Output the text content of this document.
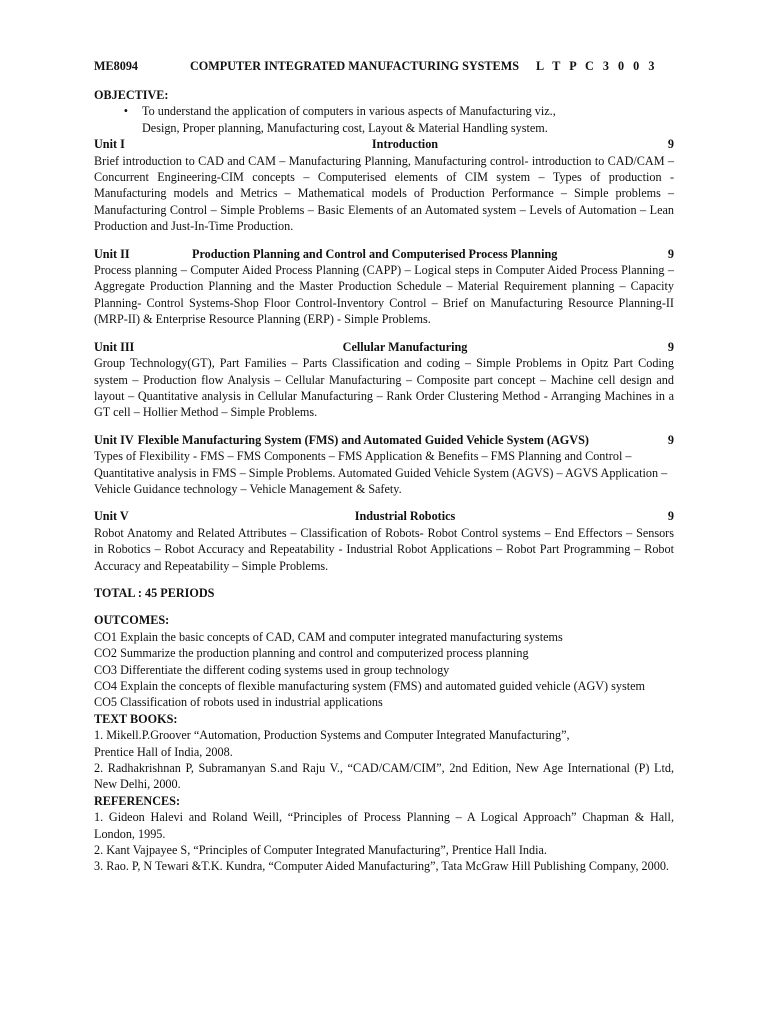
ME8094	COMPUTER INTEGRATED MANUFACTURING SYSTEMS	L T P C 3 0 0 3
OBJECTIVE:
•	To understand the application of computers in various aspects of Manufacturing viz.,
Design, Proper planning, Manufacturing cost, Layout & Material Handling system.
Unit I	Introduction	9
Brief introduction to CAD and CAM – Manufacturing Planning, Manufacturing control- introduction to CAD/CAM – Concurrent Engineering-CIM concepts – Computerised elements of CIM system – Types of production - Manufacturing models and Metrics – Mathematical models of Production Performance – Simple problems – Manufacturing Control – Simple Problems – Basic Elements of an Automated system – Levels of Automation – Lean Production and Just-In-Time Production.
Unit II	Production Planning and Control and Computerised Process Planning	9
Process planning – Computer Aided Process Planning (CAPP) – Logical steps in Computer Aided Process Planning – Aggregate Production Planning and the Master Production Schedule – Material Requirement planning – Capacity Planning- Control Systems-Shop Floor Control-Inventory Control – Brief on Manufacturing Resource Planning-II (MRP-II) & Enterprise Resource Planning (ERP) - Simple Problems.
Unit III	Cellular Manufacturing	9
Group Technology(GT), Part Families – Parts Classification and coding – Simple Problems in Opitz Part Coding system – Production flow Analysis – Cellular Manufacturing – Composite part concept – Machine cell design and layout – Quantitative analysis in Cellular Manufacturing – Rank Order Clustering Method - Arranging Machines in a GT cell – Hollier Method – Simple Problems.
Unit IV Flexible Manufacturing System (FMS) and Automated Guided Vehicle System (AGVS)	9
Types of Flexibility - FMS – FMS Components – FMS Application & Benefits – FMS Planning and Control – Quantitative analysis in FMS – Simple Problems. Automated Guided Vehicle System (AGVS) – AGVS Application – Vehicle Guidance technology – Vehicle Management & Safety.
Unit V	Industrial Robotics	9
Robot Anatomy and Related Attributes – Classification of Robots- Robot Control systems – End Effectors – Sensors in Robotics – Robot Accuracy and Repeatability - Industrial Robot Applications – Robot Part Programming – Robot Accuracy and Repeatability – Simple Problems.
TOTAL : 45 PERIODS
OUTCOMES:
CO1 Explain the basic concepts of CAD, CAM and computer integrated manufacturing systems
CO2 Summarize the production planning and control and computerized process planning
CO3 Differentiate the different coding systems used in group technology
CO4 Explain the concepts of flexible manufacturing system (FMS) and automated guided vehicle (AGV) system
CO5 Classification of robots used in industrial applications
TEXT BOOKS:
1. Mikell.P.Groover “Automation, Production Systems and Computer Integrated Manufacturing”,
Prentice Hall of India, 2008.
2. Radhakrishnan P, Subramanyan S.and Raju V., “CAD/CAM/CIM”, 2nd Edition, New Age International (P) Ltd, New Delhi, 2000.
REFERENCES:
1. Gideon Halevi and Roland Weill, “Principles of Process Planning – A Logical Approach” Chapman & Hall, London, 1995.
2. Kant Vajpayee S, “Principles of Computer Integrated Manufacturing”, Prentice Hall India.
3. Rao. P, N Tewari &T.K. Kundra, “Computer Aided Manufacturing”, Tata McGraw Hill Publishing Company, 2000.
